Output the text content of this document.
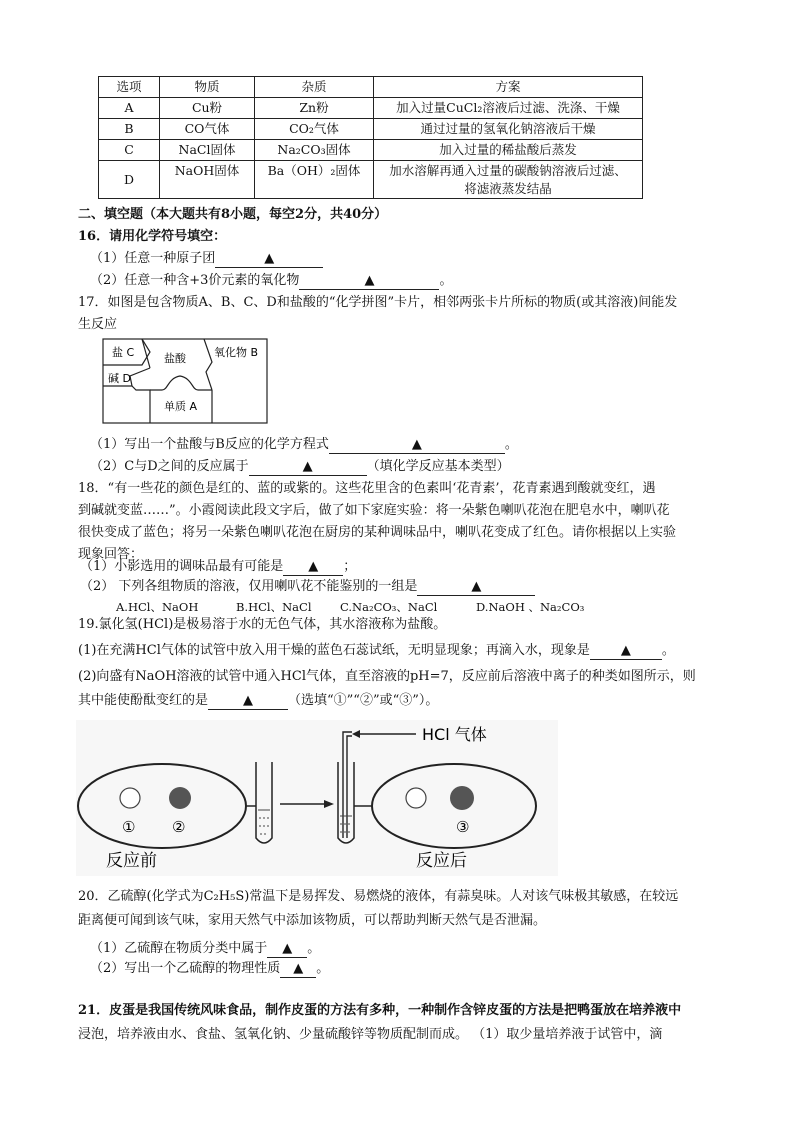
选项	物质	杂质	方案
A	Cu粉	Zn粉	加入过量CuCl₂溶液后过滤、洗涤、干燥
B	CO气体	CO₂气体	通过过量的氢氧化钠溶液后干燥
C	NaCl固体	Na₂CO₃固体	加入过量的稀盐酸后蒸发
D	NaOH固体	Ba（OH）₂固体	加水溶解再通入过量的碳酸钠溶液后过滤、
将滤液蒸发结晶
二、填空题（本大题共有8小题，每空2分，共40分）
16．请用化学符号填空：
（1）任意一种原子团	▲
（2）任意一种含+3价元素的氧化物	▲	。
17．如图是包含物质A、B、C、D和盐酸的“化学拼图”卡片，相邻两张卡片所标的物质(或其溶液)间能发
生反应
盐 C	盐酸	氧化物 B
碱 D
单质 A
（1）写出一个盐酸与B反应的化学方程式	▲	。
（2）C与D之间的反应属于	▲	（填化学反应基本类型）
18．“有一些花的颜色是红的、蓝的或紫的。这些花里含的色素叫‘花青素’，花青素遇到酸就变红，遇
到碱就变蓝……”。小霞阅读此段文字后，做了如下家庭实验：将一朵紫色喇叭花泡在肥皂水中，喇叭花
很快变成了蓝色；将另一朵紫色喇叭花泡在厨房的某种调味品中，喇叭花变成了红色。请你根据以上实验
现象回答：
（1）小影选用的调味品最有可能是 ▲ ；
（2） 下列各组物质的溶液，仅用喇叭花不能鉴别的一组是	▲
A.HCl、NaOH	B.HCl、NaCl C.Na₂CO₃、NaCl	D.NaOH 、Na₂CO₃
19.氯化氢(HCl)是极易溶于水的无色气体，其水溶液称为盐酸。
(1)在充满HCl气体的试管中放入用干燥的蓝色石蕊试纸，无明显现象；再滴入水，现象是 ▲ 。
(2)向盛有NaOH溶液的试管中通入HCl气体，直至溶液的pH=7，反应前后溶液中离子的种类如图所示，则
其中能使酚酞变红的是	▲	（选填“①”“②”或“③”）。
① ②
HCl 气体
③
反应前	反应后
20．乙硫醇(化学式为C₂H₅S)常温下是易挥发、易燃烧的液体，有蒜臭味。人对该气味极其敏感，在较远
距离便可闻到该气味，家用天然气中添加该物质，可以帮助判断天然气是否泄漏。
（1）乙硫醇在物质分类中属于 ▲ 。
（2）写出一个乙硫醇的物理性质 ▲ 。
21．皮蛋是我国传统风味食品，制作皮蛋的方法有多种，一种制作含锌皮蛋的方法是把鸭蛋放在培养液中
浸泡，培养液由水、食盐、氢氧化钠、少量硫酸锌等物质配制而成。 （1）取少量培养液于试管中，滴
